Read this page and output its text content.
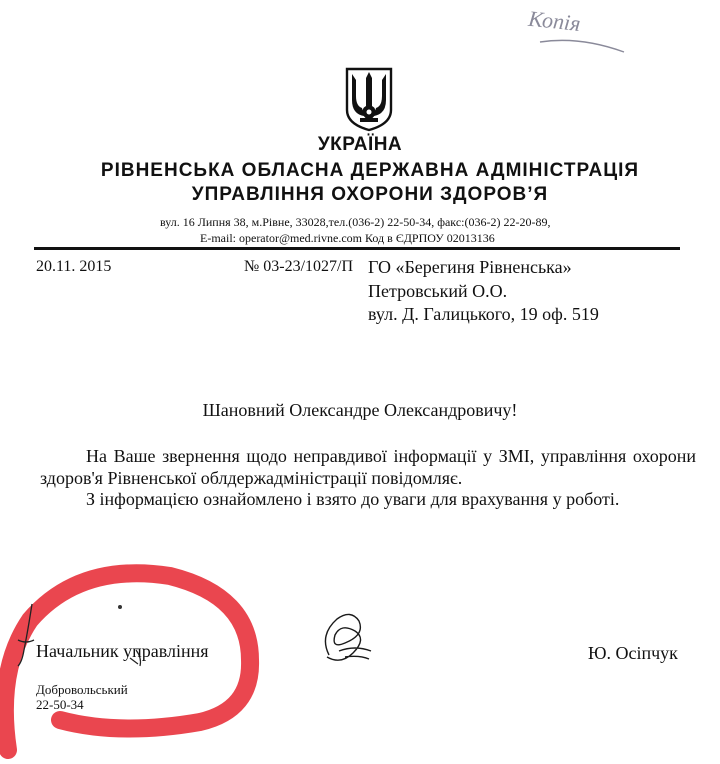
Копія
УКРАЇНА
РІВНЕНСЬКА ОБЛАСНА ДЕРЖАВНА АДМІНІСТРАЦІЯ
УПРАВЛІННЯ ОХОРОНИ ЗДОРОВ’Я
вул. 16 Липня 38, м.Рівне, 33028,тел.(036-2) 22-50-34, факс:(036-2) 22-20-89,
E-mail: operator@med.rivne.com Код в ЄДРПОУ 02013136
20.11. 2015	№ 03-23/1027/П ГО «Берегиня Рівненська»
Петровський О.О.
вул. Д. Галицького, 19 оф. 519
Шановний Олександре Олександровичу!
На Ваше звернення щодо неправдивої інформації у ЗМІ, управління охорони здоров'я Рівненської облдержадміністрації повідомляє.
З інформацією ознайомлено і взято до уваги для врахування у роботі.
Начальник управління	Ю. Осіпчук
Добровольський
22-50-34
